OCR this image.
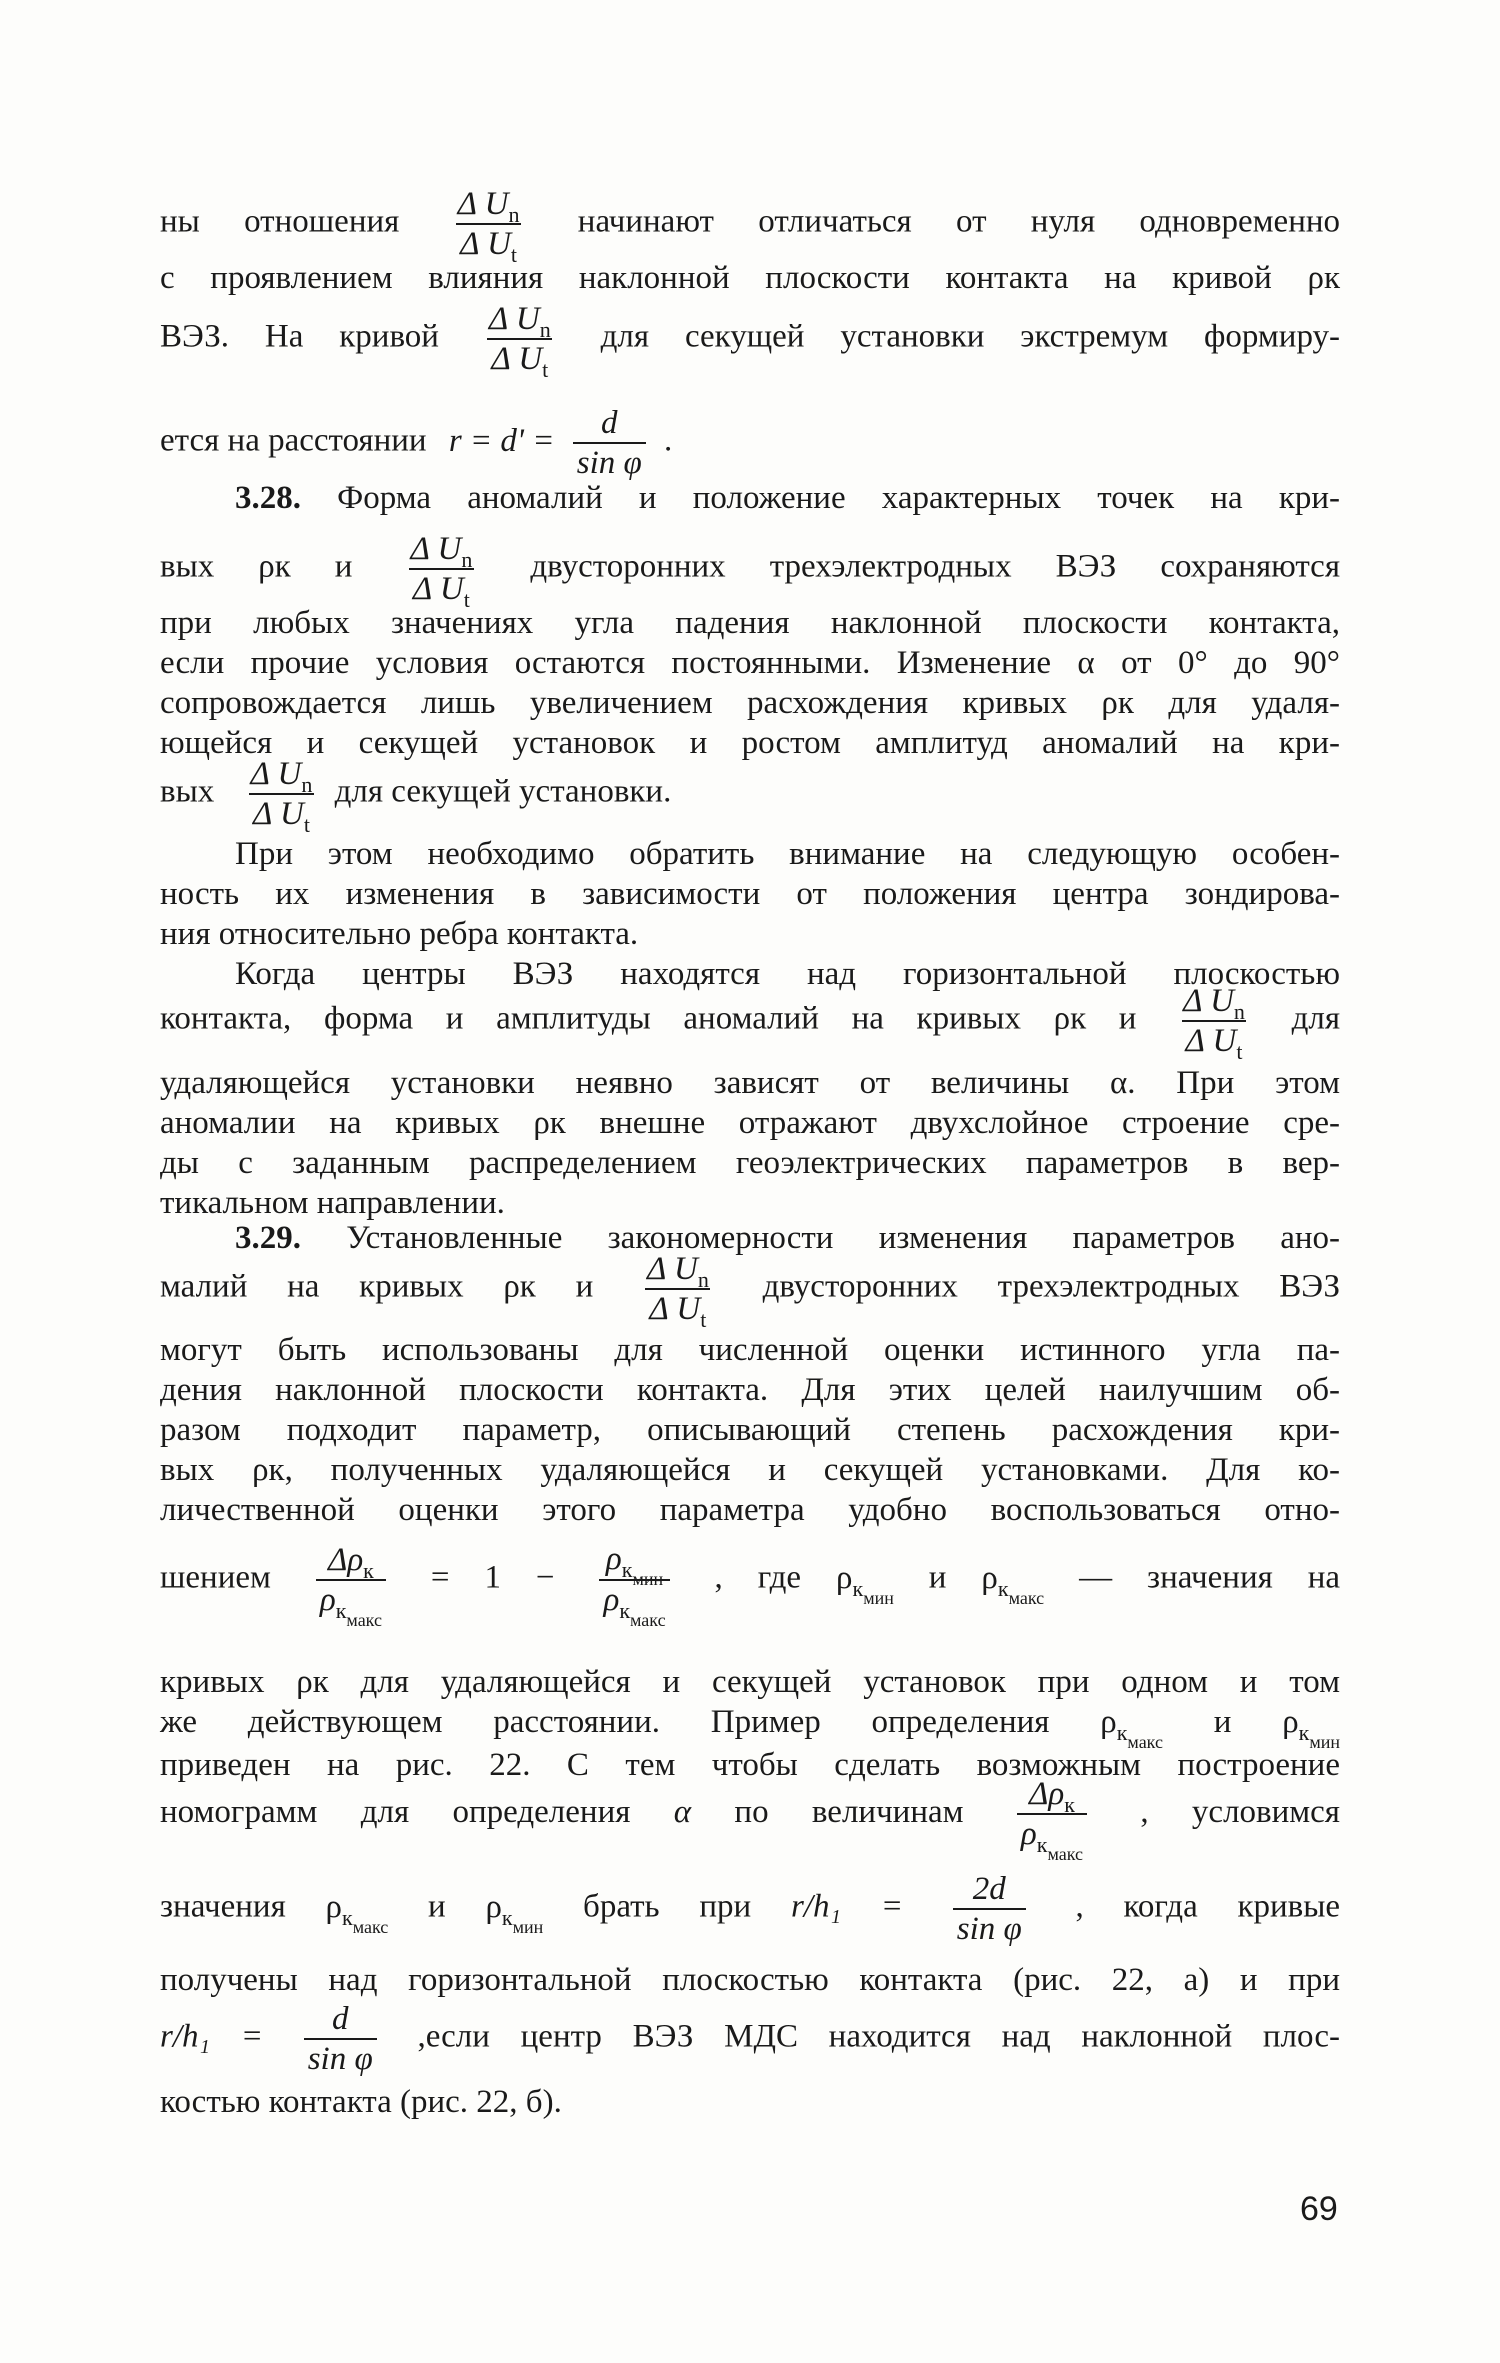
ны отношения $\frac{\Delta U_n}{\Delta U_t}$ начинают отличаться от нуля одновременно
с проявлением влияния наклонной плоскости контакта на кривой ρк
ВЭЗ. На кривой $\frac{\Delta U_n}{\Delta U_t}$ для секущей установки экстремум формиру-
ется на расстоянии $r = d' = \frac{d}{\text{sin φ}}$ .
3.28. Форма аномалий и положение характерных точек на кри-
вых ρк и $\frac{\Delta U_n}{\Delta U_t}$ двусторонних трехэлектродных ВЭЗ сохраняются
при любых значениях угла падения наклонной плоскости контакта,
если прочие условия остаются постоянными. Изменение α от 0° до 90°
сопровождается лишь увеличением расхождения кривых ρк для удаля-
ющейся и секущей установок и ростом амплитуд аномалий на кри-
вых $\frac{\Delta U_n}{\Delta U_t}$ для секущей установки.
При этом необходимо обратить внимание на следующую особен-
ность их изменения в зависимости от положения центра зондирова-
ния относительно ребра контакта.
Когда центры ВЭЗ находятся над горизонтальной плоскостью
контакта, форма и амплитуды аномалий на кривых ρк и $\frac{\Delta U_n}{\Delta U_t}$ для
удаляющейся установки неявно зависят от величины α. При этом
аномалии на кривых ρк внешне отражают двухслойное строение сре-
ды с заданным распределением геоэлектрических параметров в вер-
тикальном направлении.
3.29. Установленные закономерности изменения параметров ано-
малий на кривых ρк и $\frac{\Delta U_n}{\Delta U_t}$ двусторонних трехэлектродных ВЭЗ
могут быть использованы для численной оценки истинного угла па-
дения наклонной плоскости контакта. Для этих целей наилучшим об-
разом подходит параметр, описывающий степень расхождения кри-
вых ρк, полученных удаляющейся и секущей установками. Для ко-
личественной оценки этого параметра удобно воспользоваться отно-
шением $\frac{\Delta\rho_к}{\rho_{к_{макс}}} = 1 - \frac{\rho_{к_{мин}}}{\rho_{к_{макс}}}$ , где $\rho_{к_{мин}}$ и $\rho_{к_{макс}}$ — значения на
кривых ρк для удаляющейся и секущей установок при одном и том
же действующем расстоянии. Пример определения $\rho_{к_{макс}}$ и $\rho_{к_{мин}}$
приведен на рис. 22. С тем чтобы сделать возможным построение
номограмм для определения α по величинам $\frac{\Delta\rho_к}{\rho_{к_{макс}}}$ , условимся
значения $\rho_{к_{макс}}$ и $\rho_{к_{мин}}$ брать при $r/h_1 = \frac{2d}{\text{sin φ}}$ , когда кривые
получены над горизонтальной плоскостью контакта (рис. 22, а) и при
$r/h_1 = \frac{d}{\text{sin φ}}$ ,если центр ВЭЗ МДС находится над наклонной плос-
костью контакта (рис. 22, б).
69
